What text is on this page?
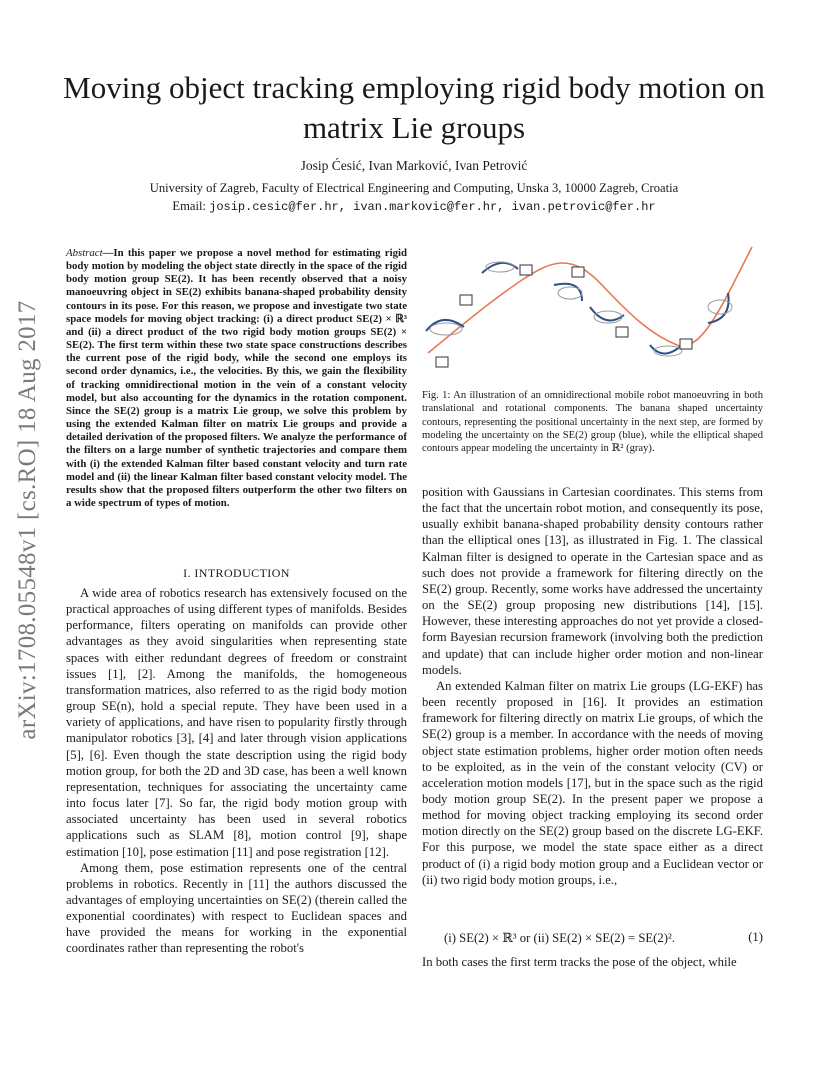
Moving object tracking employing rigid body motion on matrix Lie groups
Josip Ćesić, Ivan Marković, Ivan Petrović
University of Zagreb, Faculty of Electrical Engineering and Computing, Unska 3, 10000 Zagreb, Croatia
Email: josip.cesic@fer.hr, ivan.markovic@fer.hr, ivan.petrovic@fer.hr
arXiv:1708.05548v1 [cs.RO] 18 Aug 2017
Abstract—In this paper we propose a novel method for estimating rigid body motion by modeling the object state directly in the space of the rigid body motion group SE(2). It has been recently observed that a noisy manoeuvring object in SE(2) exhibits banana-shaped probability density contours in its pose. For this reason, we propose and investigate two state space models for moving object tracking: (i) a direct product SE(2) × ℝ³ and (ii) a direct product of the two rigid body motion groups SE(2) × SE(2). The first term within these two state space constructions describes the current pose of the rigid body, while the second one employs its second order dynamics, i.e., the velocities. By this, we gain the flexibility of tracking omnidirectional motion in the vein of a constant velocity model, but also accounting for the dynamics in the rotation component. Since the SE(2) group is a matrix Lie group, we solve this problem by using the extended Kalman filter on matrix Lie groups and provide a detailed derivation of the proposed filters. We analyze the performance of the filters on a large number of synthetic trajectories and compare them with (i) the extended Kalman filter based constant velocity and turn rate model and (ii) the linear Kalman filter based constant velocity model. The results show that the proposed filters outperform the other two filters on a wide spectrum of types of motion.
I. INTRODUCTION

A wide area of robotics research has extensively focused on the practical approaches of using different types of manifolds. Besides performance, filters operating on manifolds can provide other advantages as they avoid singularities when representing state spaces with either redundant degrees of freedom or constraint issues [1], [2]. Among the manifolds, the homogeneous transformation matrices, also referred to as the rigid body motion group SE(n), hold a special repute. They have been used in a variety of applications, and have risen to popularity firstly through manipulator robotics [3], [4] and later through vision applications [5], [6]. Even though the state description using the rigid body motion group, for both the 2D and 3D case, has been a well known representation, techniques for associating the uncertainty came into focus later [7]. So far, the rigid body motion group with associated uncertainty has been used in several robotics applications such as SLAM [8], motion control [9], shape estimation [10], pose estimation [11] and pose registration [12].

Among them, pose estimation represents one of the central problems in robotics. Recently in [11] the authors discussed the advantages of employing uncertainties on SE(2) (therein called the exponential coordinates) with respect to Euclidean spaces and have provided the means for working in the exponential coordinates rather than representing the robot's

Fig. 1: An illustration of an omnidirectional mobile robot manoeuvring in both translational and rotational components. The banana shaped uncertainty contours, representing the positional uncertainty in the next step, are formed by modeling the uncertainty on the SE(2) group (blue), while the elliptical shaped contours appear modeling the uncertainty in ℝ² (gray).

position with Gaussians in Cartesian coordinates. This stems from the fact that the uncertain robot motion, and consequently its pose, usually exhibit banana-shaped probability density contours rather than the elliptical ones [13], as illustrated in Fig. 1. The classical Kalman filter is designed to operate in the Cartesian space and as such does not provide a framework for filtering directly on the SE(2) group. Recently, some works have addressed the uncertainty on the SE(2) group proposing new distributions [14], [15]. However, these interesting approaches do not yet provide a closed-form Bayesian recursion framework (involving both the prediction and update) that can include higher order motion and non-linear models.

An extended Kalman filter on matrix Lie groups (LG-EKF) has been recently proposed in [16]. It provides an estimation framework for filtering directly on matrix Lie groups, of which the SE(2) group is a member. In accordance with the needs of moving object state estimation problems, higher order motion often needs to be exploited, as in the vein of the constant velocity (CV) or acceleration motion models [17], but in the space such as the rigid body motion group SE(2). In the present paper we propose a method for moving object tracking employing its second order motion directly on the SE(2) group based on the discrete LG-EKF. For this purpose, we model the state space either as a direct product of (i) a rigid body motion group and a Euclidean vector or (ii) two rigid body motion groups, i.e.,

(i) SE(2) × ℝ³ or (ii) SE(2) × SE(2) = SE(2)².	(1)
In both cases the first term tracks the pose of the object, while
